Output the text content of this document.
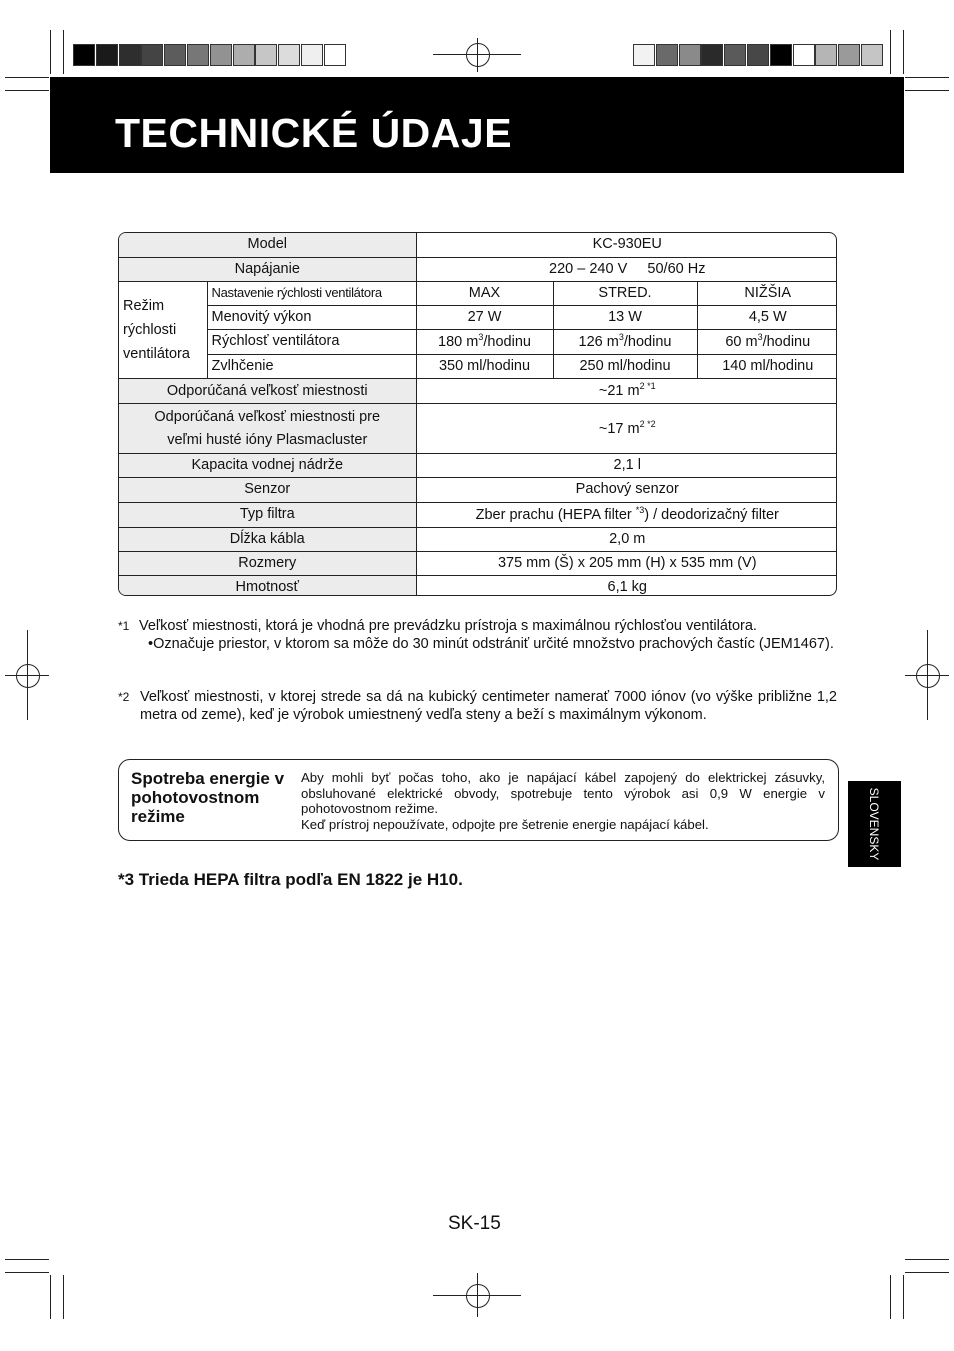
TECHNICKÉ ÚDAJE
Model		KC-930EU		
Napájanie		220 – 240 V 50/60 Hz		

Režim
rýchlosti
ventilátora	Nastavenie rýchlosti ventilátora	MAX	STRED.	NIŽŠIA
	Menovitý výkon	27 W	13 W	4,5 W
	Rýchlosť ventilátora	180 $m^3$/hodinu	126 $m^3$/hodinu	60 $m^3$/hodinu
	Zvlhčenie	350 ml/hodinu	250 ml/hodinu	140 ml/hodinu
Odporúčaná veľkosť miestnosti		~21 $m^{2 *1}$

Odporúčaná veľkosť miestnosti pre
veľmi husté ióny Plasmacluster		~17 $m^{2 *2}$
Kapacita vodnej nádrže		2,1 l		
Senzor		Pachový senzor		
Typ filtra		Zber prachu (HEPA filter $^{*3}$) / deodorizačný filter		
Dĺžka kábla		2,0 m		
Rozmery		375 mm (Š) x 205 mm (H) x 535 mm (V)		
Hmotnosť		6,1 kg		
*1 Veľkosť miestnosti, ktorá je vhodná pre prevádzku prístroja s maximálnou rýchlosťou ventilátora.
•Označuje priestor, v ktorom sa môže do 30 minút odstrániť určité množstvo prachových častíc (JEM1467).
*2 Veľkosť miestnosti, v ktorej strede sa dá na kubický centimeter namerať 7000 iónov (vo výške približne 1,2 metra od zeme), keď je výrobok umiestnený vedľa steny a beží s maximálnym výkonom.
Spotreba energie v pohotovostnom režime
Aby mohli byť počas toho, ako je napájací kábel zapojený do elektrickej zásuvky, obsluhované elektrické obvody, spotrebuje tento výrobok asi 0,9 W energie v pohotovostnom režime.
Keď prístroj nepoužívate, odpojte pre šetrenie energie napájací kábel.	SLOVENSKY
*3 Trieda HEPA filtra podľa EN 1822 je H10.
SK-15
